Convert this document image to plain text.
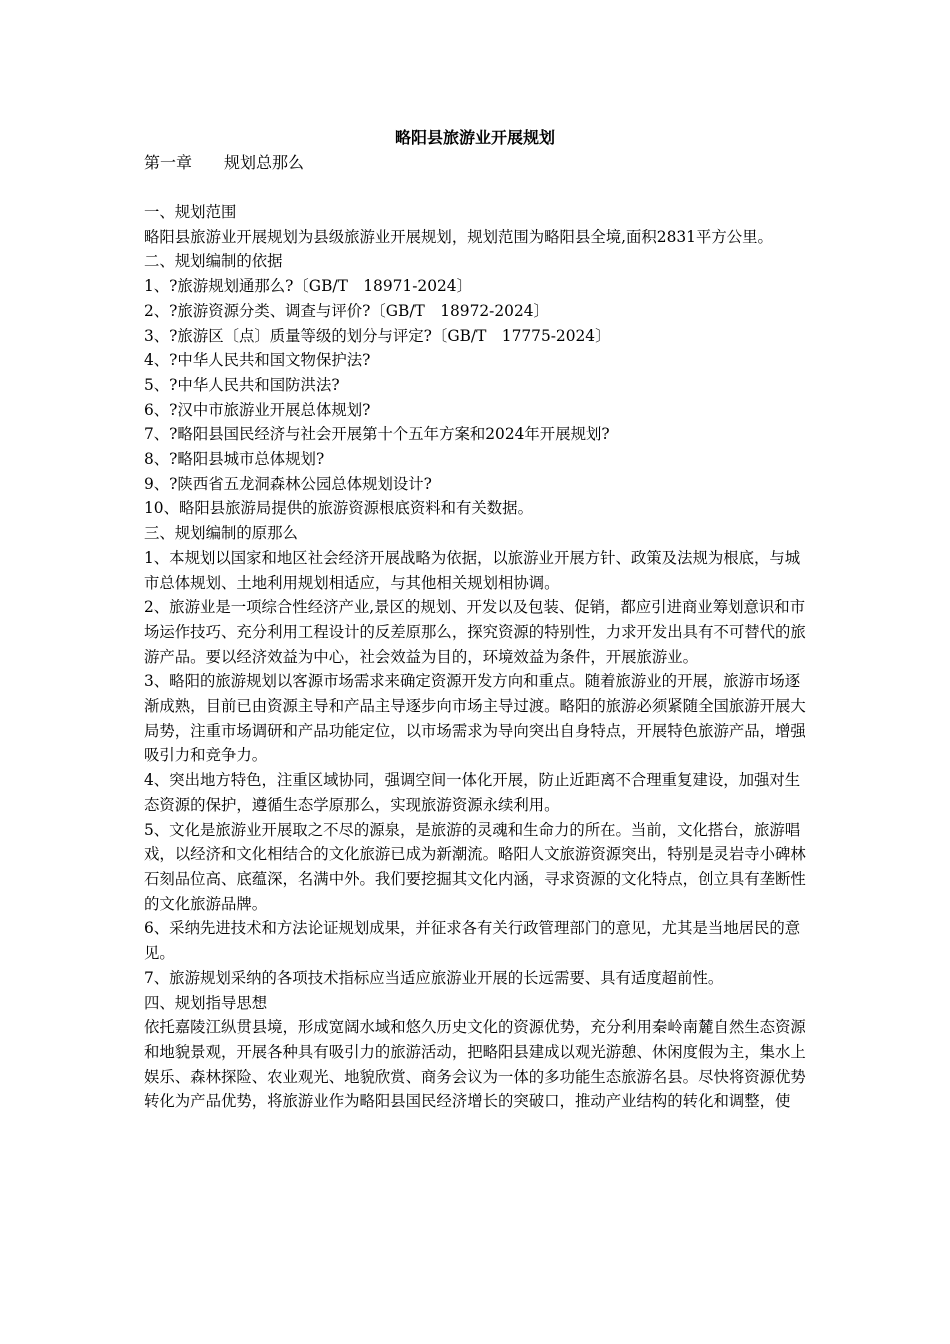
略阳县旅游业开展规划
第一章　　规划总那么

一、规划范围

略阳县旅游业开展规划为县级旅游业开展规划，规划范围为略阳县全境,面积2831平方公里。

二、规划编制的依据

1、?旅游规划通那么?〔GB/T　18971-2024〕

2、?旅游资源分类、调查与评价?〔GB/T　18972-2024〕

3、?旅游区〔点〕质量等级的划分与评定?〔GB/T　17775-2024〕

4、?中华人民共和国文物保护法?

5、?中华人民共和国防洪法?

6、?汉中市旅游业开展总体规划?

7、?略阳县国民经济与社会开展第十个五年方案和2024年开展规划?

8、?略阳县城市总体规划?

9、?陕西省五龙洞森林公园总体规划设计?

10、略阳县旅游局提供的旅游资源根底资料和有关数据。

三、规划编制的原那么

1、本规划以国家和地区社会经济开展战略为依据，以旅游业开展方针、政策及法规为根底，与城市总体规划、土地利用规划相适应，与其他相关规划相协调。

2、旅游业是一项综合性经济产业,景区的规划、开发以及包装、促销，都应引进商业筹划意识和市场运作技巧、充分利用工程设计的反差原那么，探究资源的特别性，力求开发出具有不可替代的旅游产品。要以经济效益为中心，社会效益为目的，环境效益为条件，开展旅游业。

3、略阳的旅游规划以客源市场需求来确定资源开发方向和重点。随着旅游业的开展，旅游市场逐渐成熟，目前已由资源主导和产品主导逐步向市场主导过渡。略阳的旅游必须紧随全国旅游开展大局势，注重市场调研和产品功能定位，以市场需求为导向突出自身特点，开展特色旅游产品，增强吸引力和竞争力。

4、突出地方特色，注重区域协同，强调空间一体化开展，防止近距离不合理重复建设，加强对生态资源的保护，遵循生态学原那么，实现旅游资源永续利用。

5、文化是旅游业开展取之不尽的源泉，是旅游的灵魂和生命力的所在。当前，文化搭台，旅游唱戏，以经济和文化相结合的文化旅游已成为新潮流。略阳人文旅游资源突出，特别是灵岩寺小碑林石刻品位高、底蕴深，名满中外。我们要挖掘其文化内涵，寻求资源的文化特点，创立具有垄断性的文化旅游品牌。

6、采纳先进技术和方法论证规划成果，并征求各有关行政管理部门的意见，尤其是当地居民的意见。

7、旅游规划采纳的各项技术指标应当适应旅游业开展的长远需要、具有适度超前性。

四、规划指导思想

依托嘉陵江纵贯县境，形成宽阔水域和悠久历史文化的资源优势，充分利用秦岭南麓自然生态资源和地貌景观，开展各种具有吸引力的旅游活动，把略阳县建成以观光游憩、休闲度假为主，集水上娱乐、森林探险、农业观光、地貌欣赏、商务会议为一体的多功能生态旅游名县。尽快将资源优势转化为产品优势，将旅游业作为略阳县国民经济增长的突破口，推动产业结构的转化和调整，使
